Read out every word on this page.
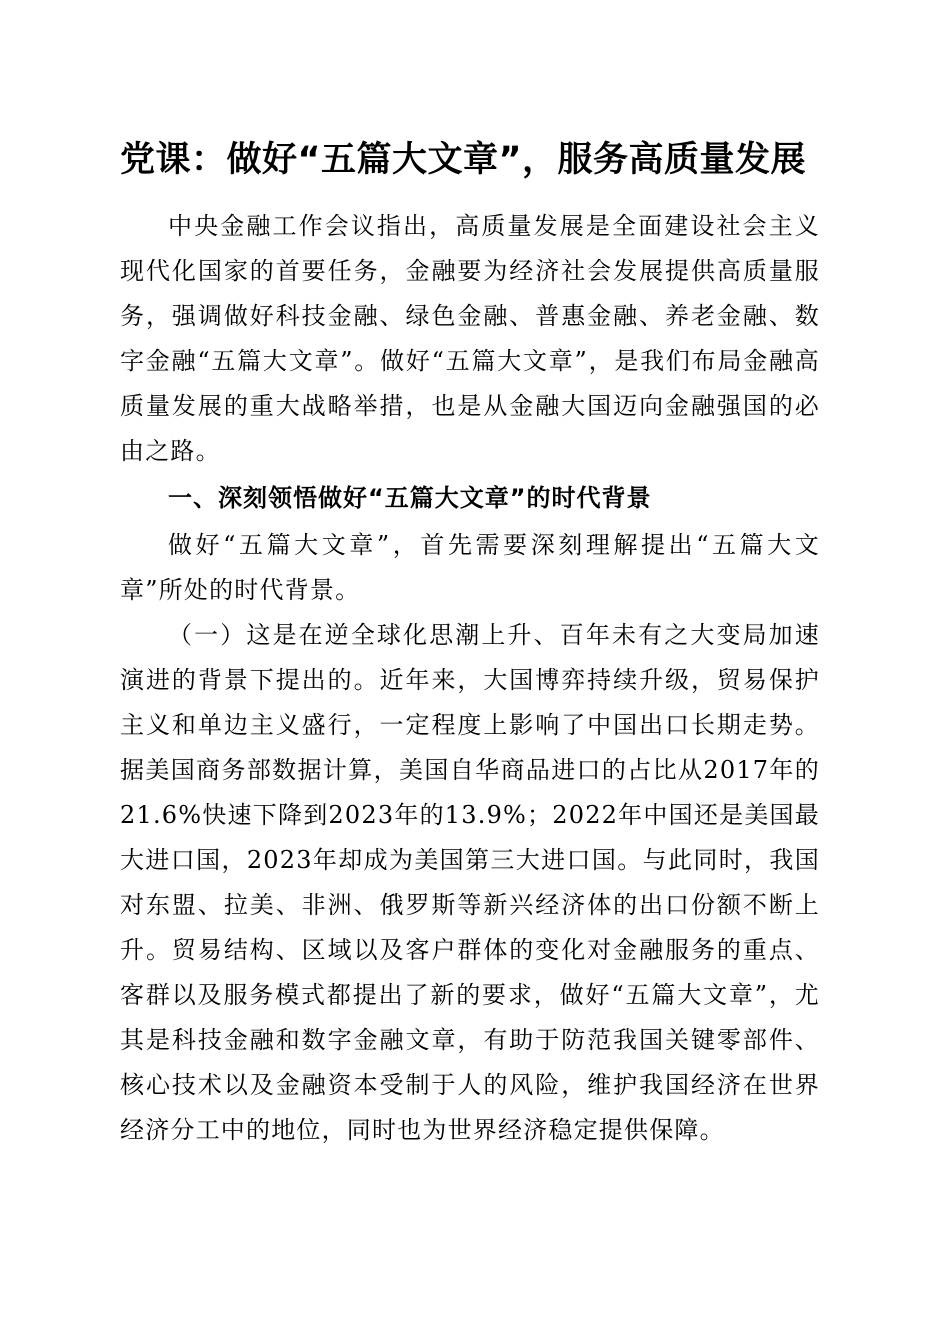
党课：做好“五篇大文章”，服务高质量发展

中央金融工作会议指出，高质量发展是全面建设社会主义现代化国家的首要任务，金融要为经济社会发展提供高质量服务，强调做好科技金融、绿色金融、普惠金融、养老金融、数字金融“五篇大文章”。做好“五篇大文章”，是我们布局金融高质量发展的重大战略举措，也是从金融大国迈向金融强国的必由之路。

一、深刻领悟做好“五篇大文章”的时代背景

做好“五篇大文章”，首先需要深刻理解提出“五篇大文章”所处的时代背景。

（一）这是在逆全球化思潮上升、百年未有之大变局加速演进的背景下提出的。近年来，大国博弈持续升级，贸易保护主义和单边主义盛行，一定程度上影响了中国出口长期走势。据美国商务部数据计算，美国自华商品进口的占比从2017年的21.6%快速下降到2023年的13.9%；2022年中国还是美国最大进口国，2023年却成为美国第三大进口国。与此同时，我国对东盟、拉美、非洲、俄罗斯等新兴经济体的出口份额不断上升。贸易结构、区域以及客户群体的变化对金融服务的重点、客群以及服务模式都提出了新的要求，做好“五篇大文章”，尤其是科技金融和数字金融文章，有助于防范我国关键零部件、核心技术以及金融资本受制于人的风险，维护我国经济在世界经济分工中的地位，同时也为世界经济稳定提供保障。
